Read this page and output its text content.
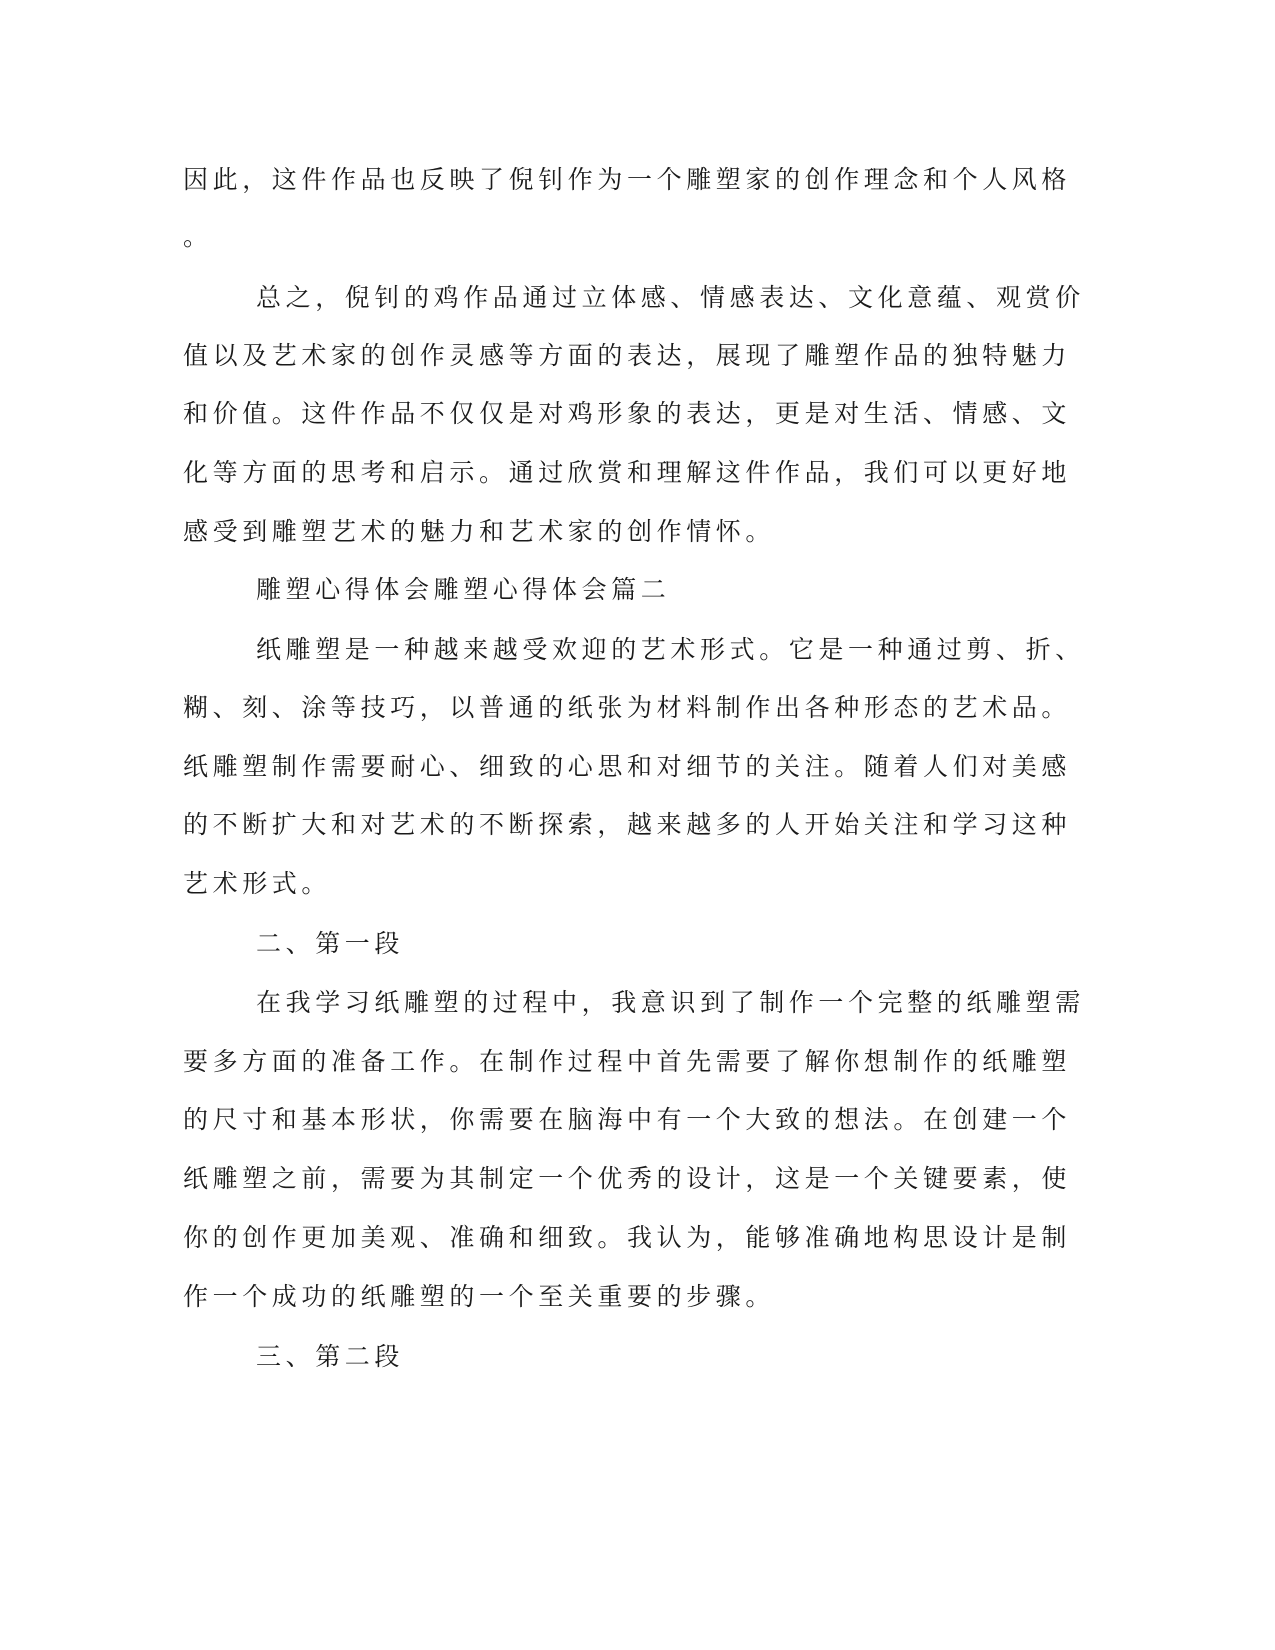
因此，这件作品也反映了倪钊作为一个雕塑家的创作理念和个人风格
。
总之，倪钊的鸡作品通过立体感、情感表达、文化意蕴、观赏价
值以及艺术家的创作灵感等方面的表达，展现了雕塑作品的独特魅力
和价值。这件作品不仅仅是对鸡形象的表达，更是对生活、情感、文
化等方面的思考和启示。通过欣赏和理解这件作品，我们可以更好地
感受到雕塑艺术的魅力和艺术家的创作情怀。
雕塑心得体会雕塑心得体会篇二
纸雕塑是一种越来越受欢迎的艺术形式。它是一种通过剪、折、
糊、刻、涂等技巧，以普通的纸张为材料制作出各种形态的艺术品。
纸雕塑制作需要耐心、细致的心思和对细节的关注。随着人们对美感
的不断扩大和对艺术的不断探索，越来越多的人开始关注和学习这种
艺术形式。
二、第一段
在我学习纸雕塑的过程中，我意识到了制作一个完整的纸雕塑需
要多方面的准备工作。在制作过程中首先需要了解你想制作的纸雕塑
的尺寸和基本形状，你需要在脑海中有一个大致的想法。在创建一个
纸雕塑之前，需要为其制定一个优秀的设计，这是一个关键要素，使
你的创作更加美观、准确和细致。我认为，能够准确地构思设计是制
作一个成功的纸雕塑的一个至关重要的步骤。
三、第二段
